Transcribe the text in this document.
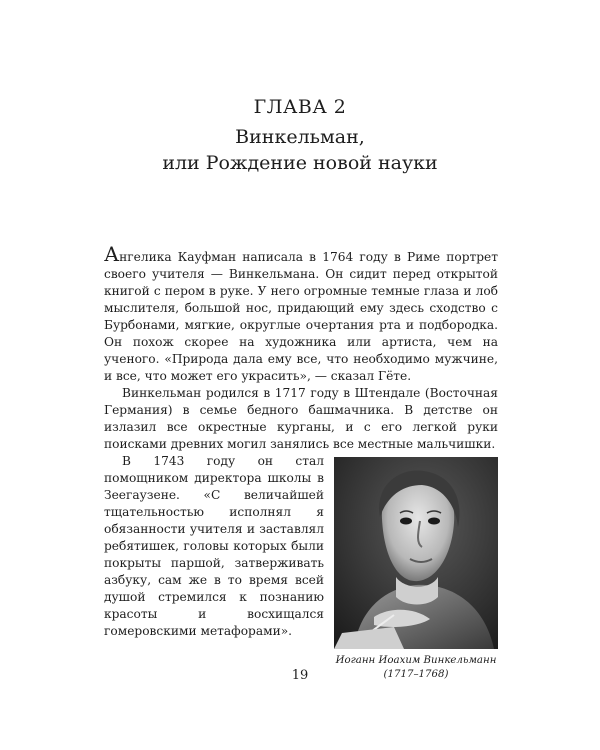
ГЛАВА 2
Винкельман,
или Рождение новой науки

Ангелика Кауфман написала в 1764 году в Риме портрет своего учителя — Винкельмана. Он сидит перед открытой книгой с пером в руке. У него огромные темные глаза и лоб мыслителя, большой нос, придающий ему здесь сходство с Бурбонами, мягкие, округлые очертания рта и подбородка. Он похож скорее на художника или артиста, чем на ученого. «Природа дала ему все, что необходимо мужчине, и все, что может его украсить», — сказал Гёте.

Винкельман родился в 1717 году в Штендале (Восточная Германия) в семье бедного башмачника. В детстве он излазил все окрестные курганы, и с его легкой руки поисками древних могил занялись все местные мальчишки.

Иоганн Иоахим Винкельманн
(1717–1768)

В 1743 году он стал помощником директора школы в Зеегаузене. «С величайшей тщательностью исполнял я обязанности учителя и заставлял ребятишек, головы которых были покрыты паршой, затверживать азбуку, сам же в то время всей душой стремился к познанию красоты и восхищался гомеровскими метафорами».

19
